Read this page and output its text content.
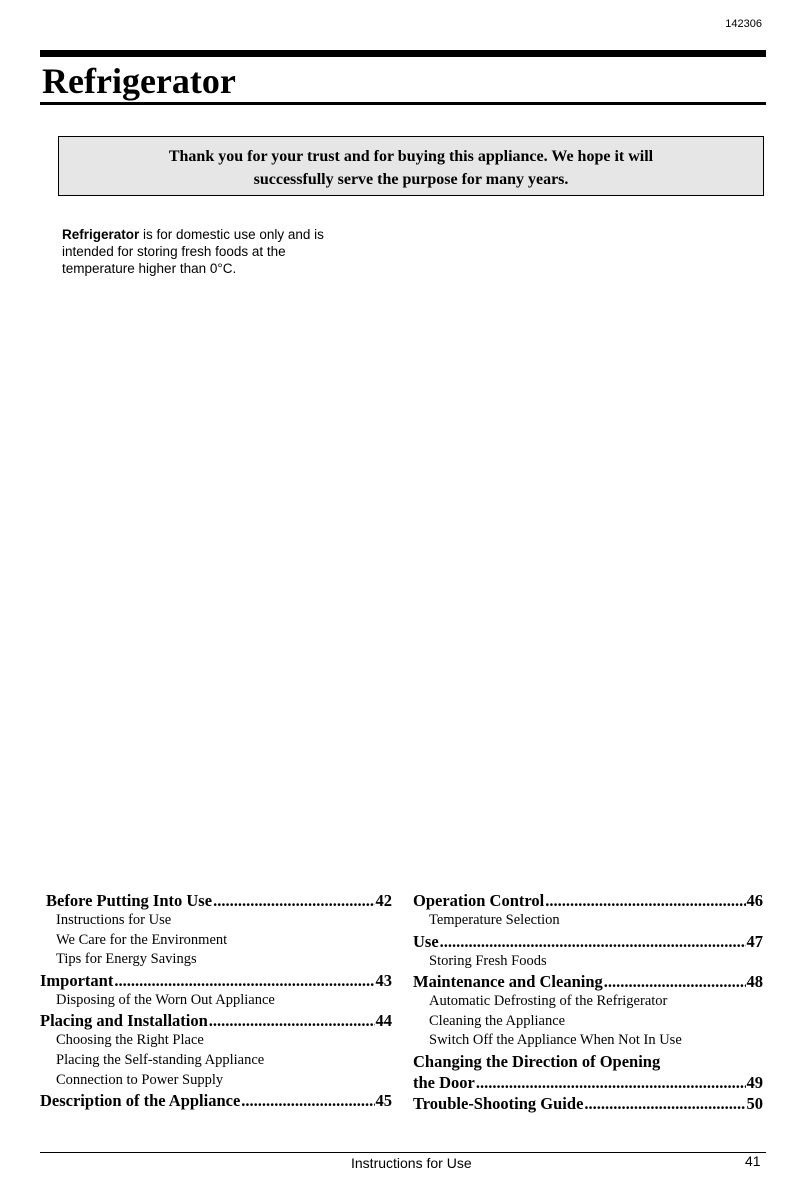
142306
Refrigerator
Thank you for your trust and for buying this appliance. We hope it will
successfully serve the purpose for many years.
Refrigerator is for domestic use only and is intended for storing fresh foods at the temperature higher than 0°C.
Before Putting Into Use .....	42
Instructions for Use
We Care for the Environment
Tips for Energy Savings
Important .....	43
Disposing of the Worn Out Appliance
Placing and Installation .....	44
Choosing the Right Place
Placing the Self-standing Appliance
Connection to Power Supply
Description of the Appliance .....	45
Operation Control .....	46
Temperature Selection
Use .....	47
Storing Fresh Foods
Maintenance and Cleaning .....	48
Automatic Defrosting of the Refrigerator
Cleaning the Appliance
Switch Off the Appliance When Not In Use
Changing the Direction of Opening
the Door .....	49
Trouble-Shooting Guide .....	50
Instructions for Use	41
